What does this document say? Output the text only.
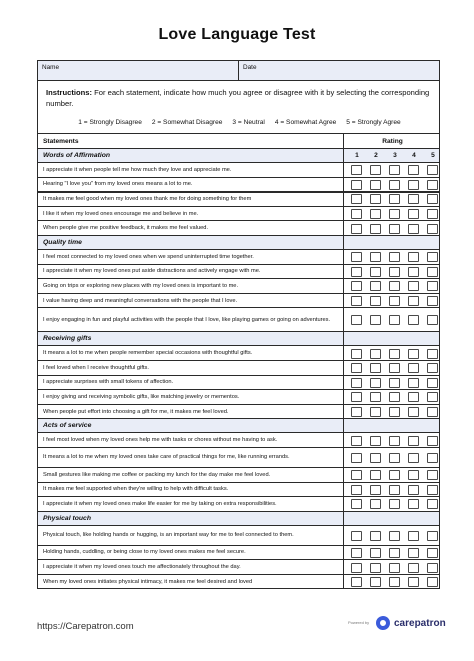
Love Language Test
Name	Date
Instructions: For each statement, indicate how much you agree or disagree with it by selecting the corresponding number.
1 = Strongly Disagree 2 = Somewhat Disagree 3 = Neutral 4 = Somewhat Agree 5 = Strongly Agree
Statements	Rating
Words of Affirmation	1	2	3	4	5
I appreciate it when people tell me how much they love and appreciate me.
Hearing "I love you" from my loved ones means a lot to me.
It makes me feel good when my loved ones thank me for doing something for them
I like it when my loved ones encourage me and believe in me.
When people give me positive feedback, it makes me feel valued.
Quality time
I feel most connected to my loved ones when we spend uninterrupted time together.
I appreciate it when my loved ones put aside distractions and actively engage with me.
Going on trips or exploring new places with my loved ones is important to me.
I value having deep and meaningful conversations with the people that I love.
I enjoy engaging in fun and playful activities with the people that I love, like playing games or going on adventures.
Receiving gifts
It means a lot to me when people remember special occasions with thoughtful gifts.
I feel loved when I receive thoughtful gifts.
I appreciate surprises with small tokens of affection.
I enjoy giving and receiving symbolic gifts, like matching jewelry or mementos.
When people put effort into choosing a gift for me, it makes me feel loved.
Acts of service
I feel most loved when my loved ones help me with tasks or chores without me having to ask.
It means a lot to me when my loved ones take care of practical things for me, like running errands.
Small gestures like making me coffee or packing my lunch for the day make me feel loved.
It makes me feel supported when they're willing to help with difficult tasks.
I appreciate it when my loved ones make life easier for me by taking on extra responsibilities.
Physical touch
Physical touch, like holding hands or hugging, is an important way for me to feel connected to them.
Holding hands, cuddling, or being close to my loved ones makes me feel secure.
I appreciate it when my loved ones touch me affectionately throughout the day.
When my loved ones initiates physical intimacy, it makes me feel desired and loved
https://Carepatron.com	Powered by carepatron
